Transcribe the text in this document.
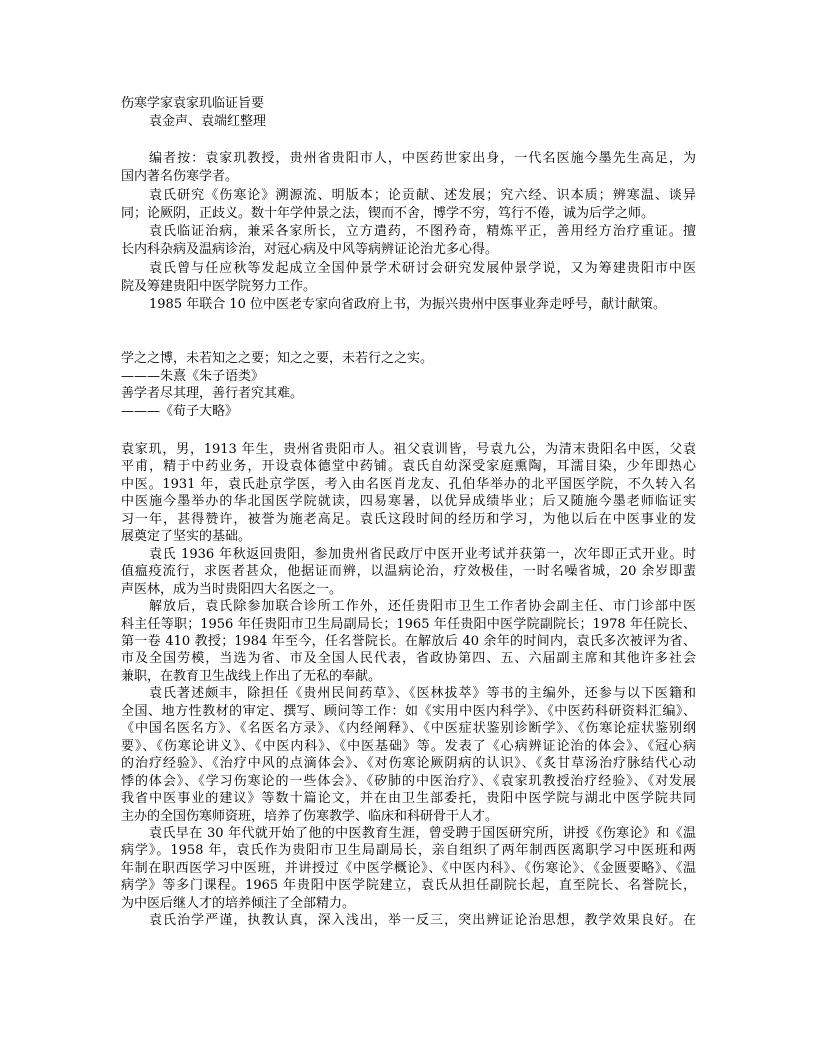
伤寒学家袁家玑临证旨要
袁金声、袁端红整理
编者按：袁家玑教授，贵州省贵阳市人，中医药世家出身，一代名医施今墨先生高足，为
国内著名伤寒学者。
袁氏研究《伤寒论》溯源流、明版本；论贡献、述发展；究六经、识本质；辨寒温、谈异
同；论厥阴，正歧义。数十年学仲景之法，锲而不舍，博学不穷，笃行不倦，诚为后学之师。
袁氏临证治病，兼采各家所长，立方遣药，不图矜奇，精炼平正，善用经方治疗重证。擅
长内科杂病及温病诊治，对冠心病及中风等病辨证论治尤多心得。
袁氏曾与任应秋等发起成立全国仲景学术研讨会研究发展仲景学说，又为筹建贵阳市中医
院及筹建贵阳中医学院努力工作。
1985 年联合 10 位中医老专家向省政府上书，为振兴贵州中医事业奔走呼号，献计献策。
学之之博，未若知之之要；知之之要，未若行之之实。
———朱熹《朱子语类》
善学者尽其理，善行者究其难。
———《荀子大略》
袁家玑，男，1913 年生，贵州省贵阳市人。祖父袁训皆，号袁九公，为清末贵阳名中医，父袁
平甫，精于中药业务，开设袁体德堂中药铺。袁氏自幼深受家庭熏陶，耳濡目染，少年即热心
中医。1931 年，袁氏赴京学医，考入由名医肖龙友、孔伯华举办的北平国医学院，不久转入名
中医施今墨举办的华北国医学院就读，四易寒暑，以优异成绩毕业；后又随施今墨老师临证实
习一年，甚得赞许，被誉为施老高足。袁氏这段时间的经历和学习，为他以后在中医事业的发
展奠定了坚实的基础。
袁氏 1936 年秋返回贵阳，参加贵州省民政厅中医开业考试并获第一，次年即正式开业。时
值瘟疫流行，求医者甚众，他据证而辨，以温病论治，疗效极佳，一时名噪省城，20 余岁即蜚
声医林，成为当时贵阳四大名医之一。
解放后，袁氏除参加联合诊所工作外，还任贵阳市卫生工作者协会副主任、市门诊部中医
科主任等职；1956 年任贵阳市卫生局副局长；1965 年任贵阳中医学院副院长；1978 年任院长、
第一卷 410 教授；1984 年至今，任名誉院长。在解放后 40 余年的时间内，袁氏多次被评为省、
市及全国劳模，当选为省、市及全国人民代表，省政协第四、五、六届副主席和其他许多社会
兼职，在教育卫生战线上作出了无私的奉献。
袁氏著述颇丰，除担任《贵州民间药草》、《医林拔萃》等书的主编外，还参与以下医籍和
全国、地方性教材的审定、撰写、顾问等工作：如《实用中医内科学》、《中医药科研资料汇编》、
《中国名医名方》、《名医名方录》、《内经阐释》、《中医症状鉴别诊断学》、《伤寒论症状鉴别纲
要》、《伤寒论讲义》、《中医内科》、《中医基础》等。发表了《心病辨证论治的体会》、《冠心病
的治疗经验》、《治疗中风的点滴体会》、《对伤寒论厥阴病的认识》、《炙甘草汤治疗脉结代心动
悸的体会》、《学习伤寒论的一些体会》、《矽肺的中医治疗》、《袁家玑教授治疗经验》、《对发展
我省中医事业的建议》等数十篇论文，并在由卫生部委托，贵阳中医学院与湖北中医学院共同
主办的全国伤寒师资班，培养了伤寒教学、临床和科研骨干人才。
袁氏早在 30 年代就开始了他的中医教育生涯，曾受聘于国医研究所，讲授《伤寒论》和《温
病学》。1958 年，袁氏作为贵阳市卫生局副局长，亲自组织了两年制西医离职学习中医班和两
年制在职西医学习中医班，并讲授过《中医学概论》、《中医内科》、《伤寒论》、《金匮要略》、《温
病学》等多门课程。1965 年贵阳中医学院建立，袁氏从担任副院长起，直至院长、名誉院长，
为中医后继人才的培养倾注了全部精力。
袁氏治学严谨，执教认真，深入浅出，举一反三，突出辨证论治思想，教学效果良好。在
